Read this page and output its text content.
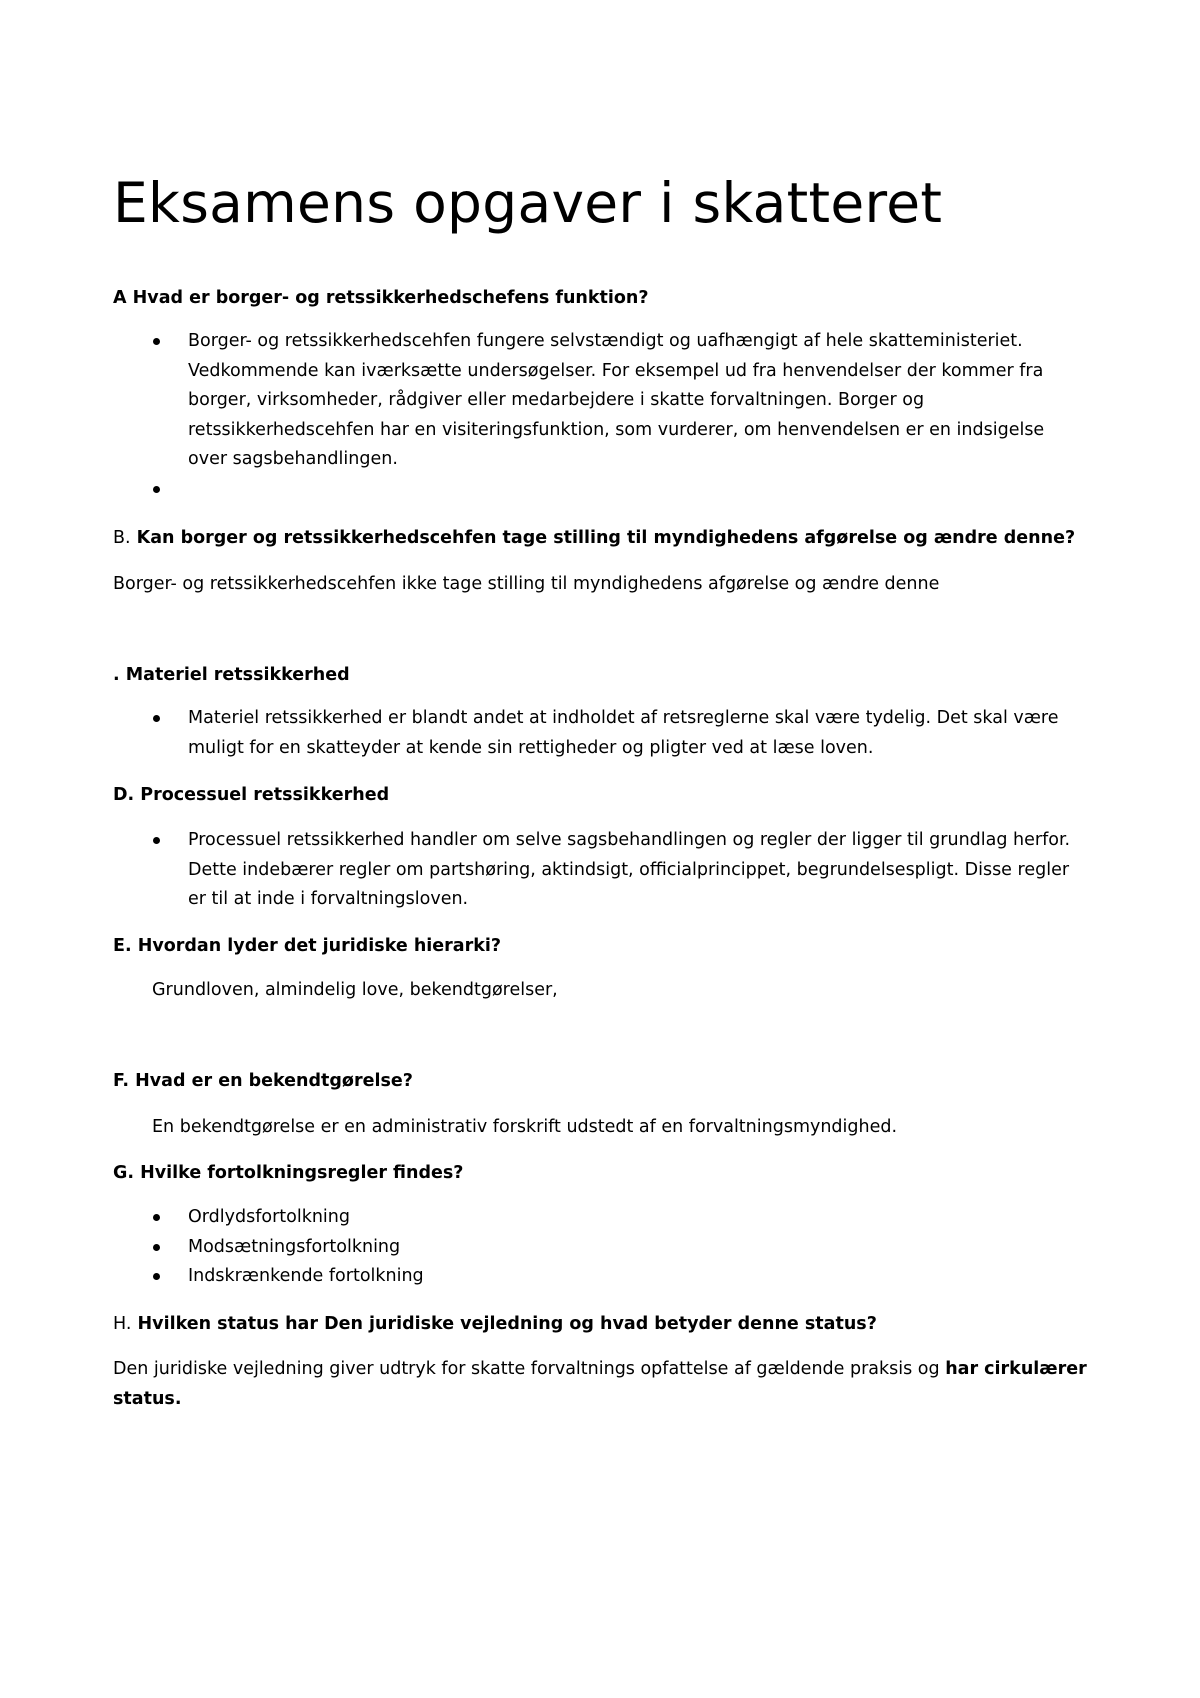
Eksamens opgaver i skatteret
A Hvad er borger- og retssikkerhedschefens funktion?
Borger- og retssikkerhedscehfen fungere selvstændigt og uafhængigt af hele skatteministeriet.
Vedkommende kan iværksætte undersøgelser. For eksempel ud fra henvendelser der kommer fra
borger, virksomheder, rådgiver eller medarbejdere i skatte forvaltningen. Borger og
retssikkerhedscehfen har en visiteringsfunktion, som vurderer, om henvendelsen er en indsigelse
over sagsbehandlingen.

B. Kan borger og retssikkerhedscehfen tage stilling til myndighedens afgørelse og ændre denne?
Borger- og retssikkerhedscehfen ikke tage stilling til myndighedens afgørelse og ændre denne
. Materiel retssikkerhed
Materiel retssikkerhed er blandt andet at indholdet af retsreglerne skal være tydelig. Det skal være
muligt for en skatteyder at kende sin rettigheder og pligter ved at læse loven.
D. Processuel retssikkerhed
Processuel retssikkerhed handler om selve sagsbehandlingen og regler der ligger til grundlag herfor.
Dette indebærer regler om partshøring, aktindsigt, officialprincippet, begrundelsespligt. Disse regler
er til at inde i forvaltningsloven.
E. Hvordan lyder det juridiske hierarki?
Grundloven, almindelig love, bekendtgørelser,
F. Hvad er en bekendtgørelse?
En bekendtgørelse er en administrativ forskrift udstedt af en forvaltningsmyndighed.
G. Hvilke fortolkningsregler findes?
Ordlydsfortolkning
Modsætningsfortolkning
Indskrænkende fortolkning
H. Hvilken status har Den juridiske vejledning og hvad betyder denne status?
Den juridiske vejledning giver udtryk for skatte forvaltnings opfattelse af gældende praksis og har cirkulærer
status.
